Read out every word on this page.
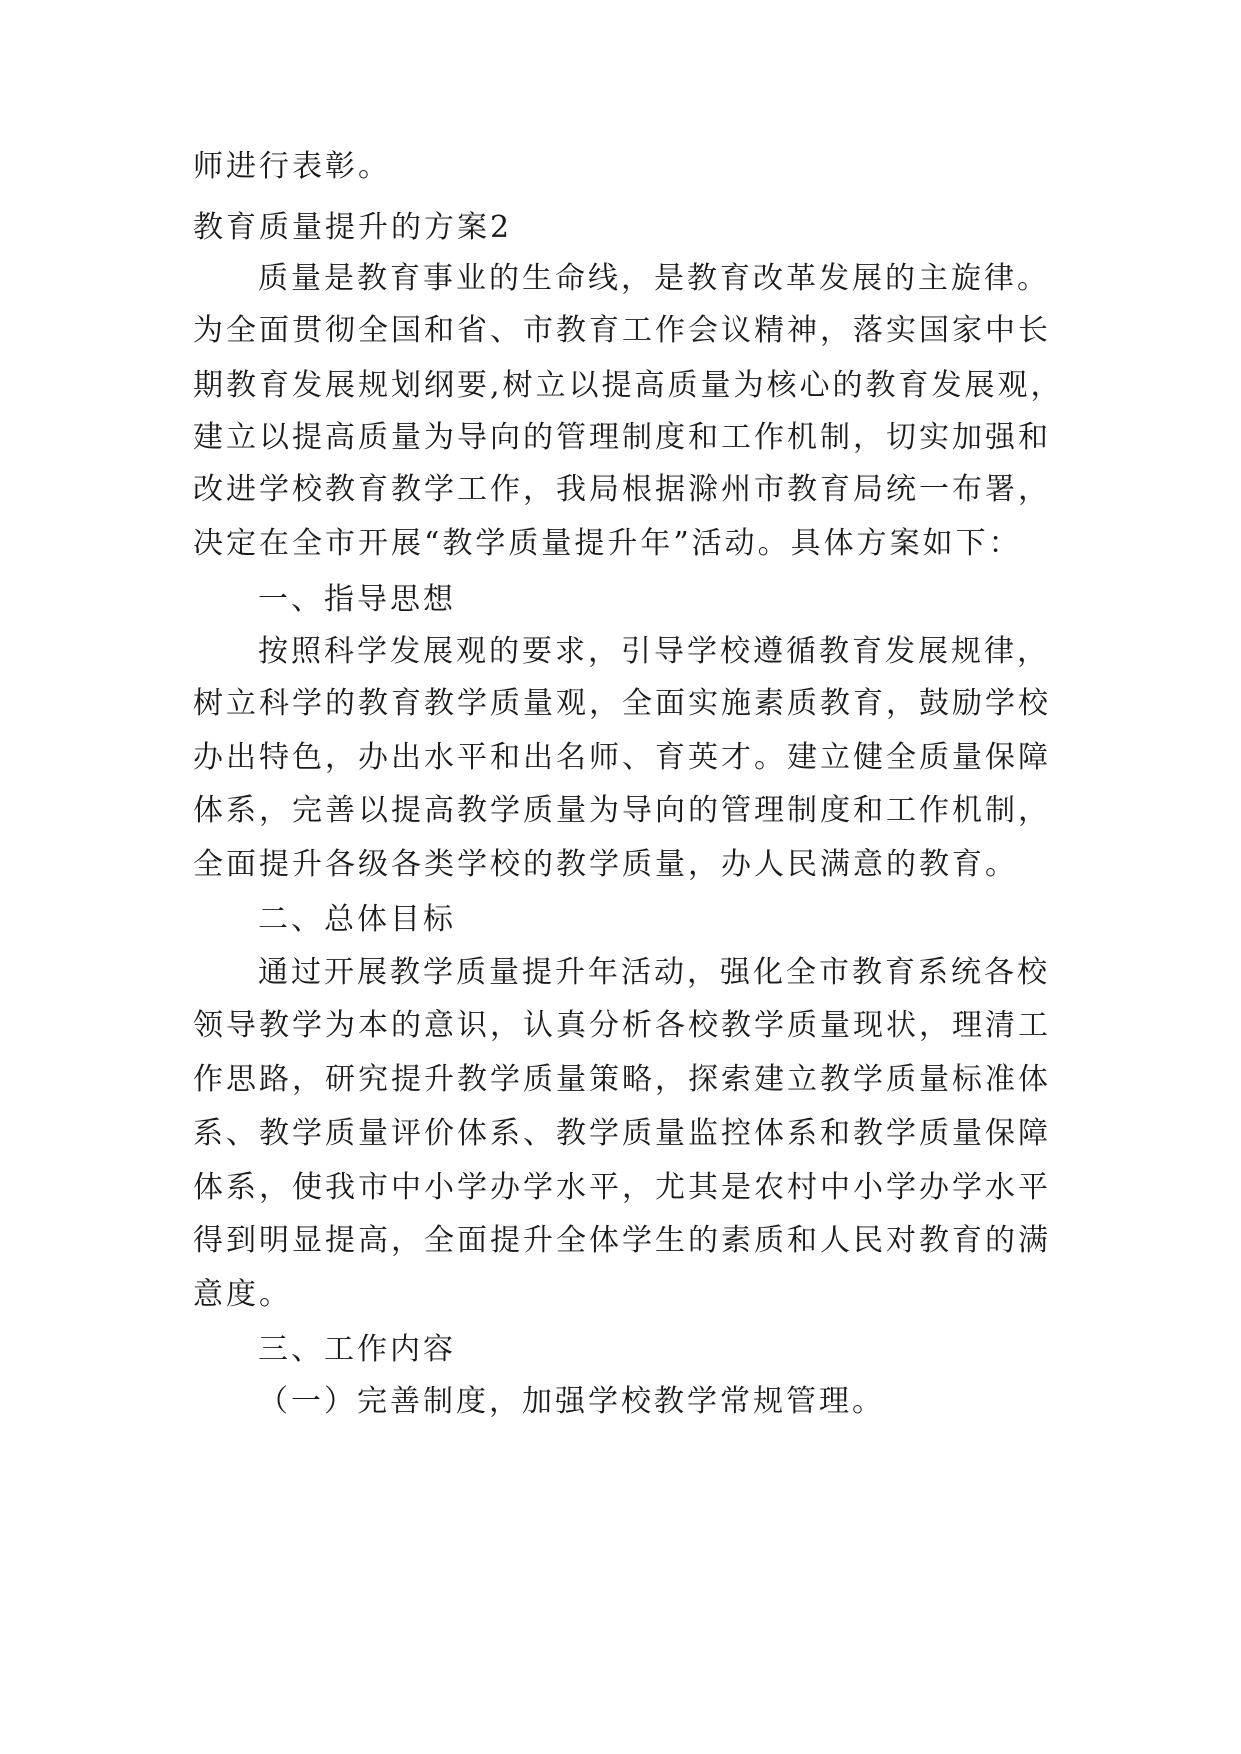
师进行表彰。
教育质量提升的方案2
质量是教育事业的生命线，是教育改革发展的主旋律。
为全面贯彻全国和省、市教育工作会议精神，落实国家中长
期教育发展规划纲要,树立以提高质量为核心的教育发展观，
建立以提高质量为导向的管理制度和工作机制，切实加强和
改进学校教育教学工作，我局根据滁州市教育局统一布署，
决定在全市开展“教学质量提升年”活动。具体方案如下：
一、指导思想
按照科学发展观的要求，引导学校遵循教育发展规律，
树立科学的教育教学质量观，全面实施素质教育，鼓励学校
办出特色，办出水平和出名师、育英才。建立健全质量保障
体系，完善以提高教学质量为导向的管理制度和工作机制，
全面提升各级各类学校的教学质量，办人民满意的教育。
二、总体目标
通过开展教学质量提升年活动，强化全市教育系统各校
领导教学为本的意识，认真分析各校教学质量现状，理清工
作思路，研究提升教学质量策略，探索建立教学质量标准体
系、教学质量评价体系、教学质量监控体系和教学质量保障
体系，使我市中小学办学水平，尤其是农村中小学办学水平
得到明显提高，全面提升全体学生的素质和人民对教育的满
意度。
三、工作内容
（一）完善制度，加强学校教学常规管理。
